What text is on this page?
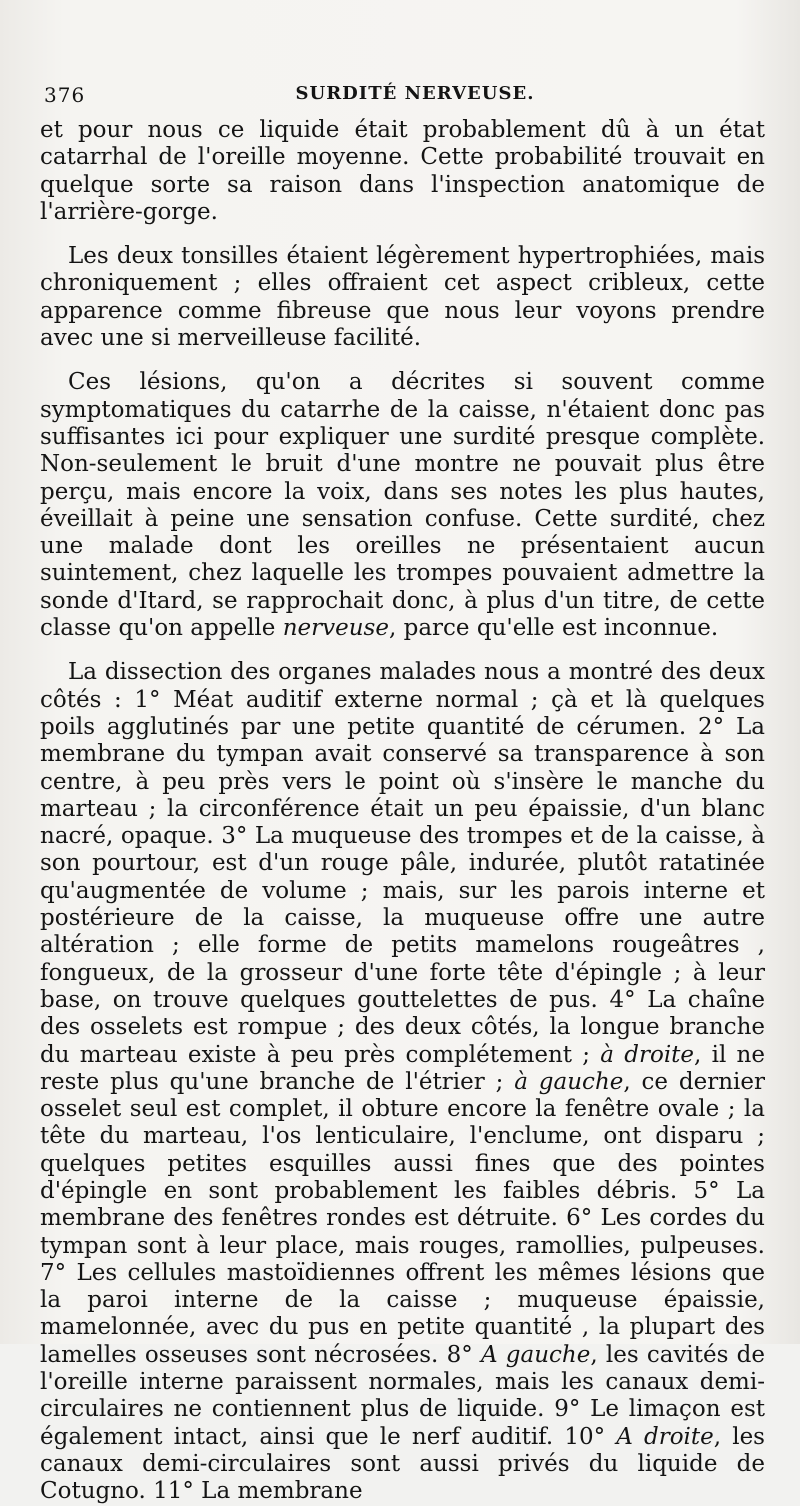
376	SURDITÉ NERVEUSE.

et pour nous ce liquide était probablement dû à un état catarrhal de l'oreille moyenne. Cette probabilité trouvait en quelque sorte sa raison dans l'inspection anatomique de l'arrière-gorge.

Les deux tonsilles étaient légèrement hypertrophiées, mais chroniquement ; elles offraient cet aspect cribleux, cette apparence comme fibreuse que nous leur voyons prendre avec une si merveilleuse facilité.

Ces lésions, qu'on a décrites si souvent comme symptomatiques du catarrhe de la caisse, n'étaient donc pas suffisantes ici pour expliquer une surdité presque complète. Non-seulement le bruit d'une montre ne pouvait plus être perçu, mais encore la voix, dans ses notes les plus hautes, éveillait à peine une sensation confuse. Cette surdité, chez une malade dont les oreilles ne présentaient aucun suintement, chez laquelle les trompes pouvaient admettre la sonde d'Itard, se rapprochait donc, à plus d'un titre, de cette classe qu'on appelle nerveuse, parce qu'elle est inconnue.

La dissection des organes malades nous a montré des deux côtés : 1° Méat auditif externe normal ; çà et là quelques poils agglutinés par une petite quantité de cérumen. 2° La membrane du tympan avait conservé sa transparence à son centre, à peu près vers le point où s'insère le manche du marteau ; la circonférence était un peu épaissie, d'un blanc nacré, opaque. 3° La muqueuse des trompes et de la caisse, à son pourtour, est d'un rouge pâle, indurée, plutôt ratatinée qu'augmentée de volume ; mais, sur les parois interne et postérieure de la caisse, la muqueuse offre une autre altération ; elle forme de petits mamelons rougeâtres , fongueux, de la grosseur d'une forte tête d'épingle ; à leur base, on trouve quelques gouttelettes de pus. 4° La chaîne des osselets est rompue ; des deux côtés, la longue branche du marteau existe à peu près complétement ; à droite, il ne reste plus qu'une branche de l'étrier ; à gauche, ce dernier osselet seul est complet, il obture encore la fenêtre ovale ; la tête du marteau, l'os lenticulaire, l'enclume, ont disparu ; quelques petites esquilles aussi fines que des pointes d'épingle en sont probablement les faibles débris. 5° La membrane des fenêtres rondes est détruite. 6° Les cordes du tympan sont à leur place, mais rouges, ramollies, pulpeuses. 7° Les cellules mastoïdiennes offrent les mêmes lésions que la paroi interne de la caisse ; muqueuse épaissie, mamelonnée, avec du pus en petite quantité , la plupart des lamelles osseuses sont nécrosées. 8° A gauche, les cavités de l'oreille interne paraissent normales, mais les canaux demi-circulaires ne contiennent plus de liquide. 9° Le limaçon est également intact, ainsi que le nerf auditif. 10° A droite, les canaux demi-circulaires sont aussi privés du liquide de Cotugno. 11° La membrane
